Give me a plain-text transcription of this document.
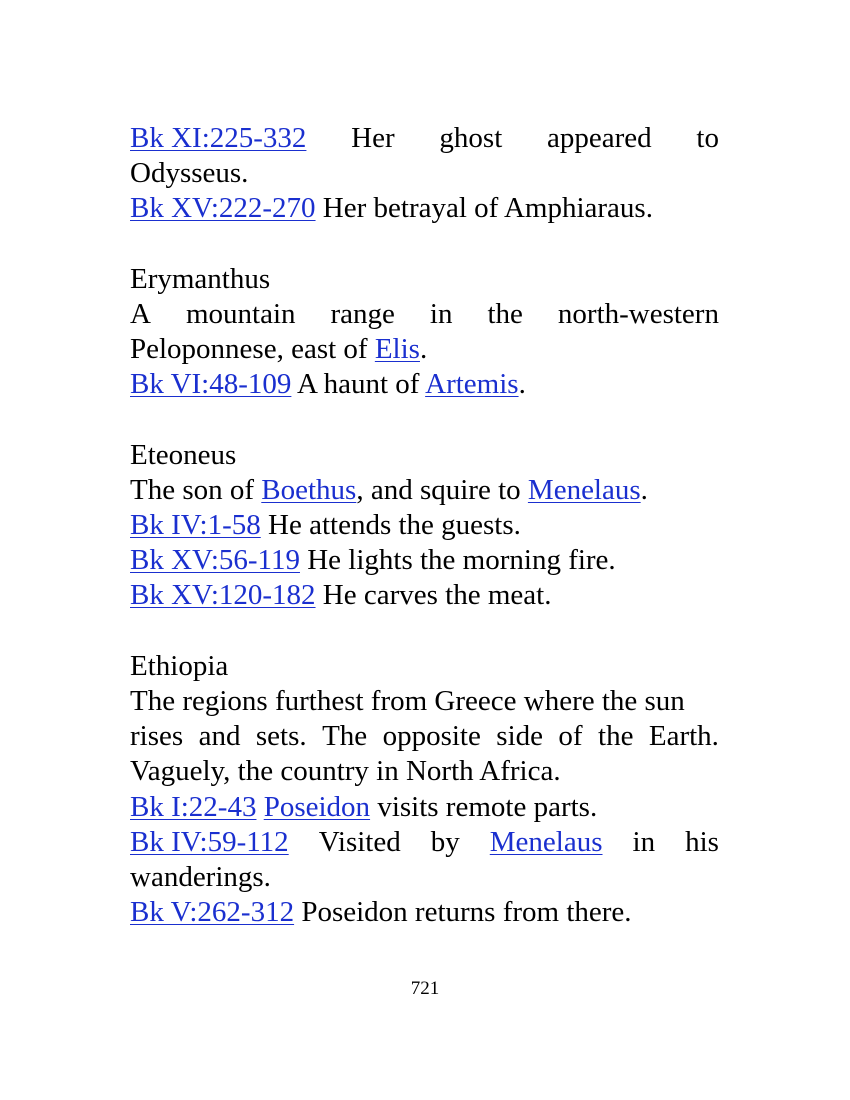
Bk XI:225-332 Her ghost appeared to
Odysseus.
Bk XV:222-270 Her betrayal of Amphiaraus.
Erymanthus
A mountain range in the north-western
Peloponnese, east of Elis.
Bk VI:48-109 A haunt of Artemis.
Eteoneus
The son of Boethus, and squire to Menelaus.
Bk IV:1-58 He attends the guests.
Bk XV:56-119 He lights the morning fire.
Bk XV:120-182 He carves the meat.
Ethiopia
The regions furthest from Greece where the sun
rises and sets. The opposite side of the Earth.
Vaguely, the country in North Africa.
Bk I:22-43 Poseidon visits remote parts.
Bk IV:59-112 Visited by Menelaus in his
wanderings.
Bk V:262-312 Poseidon returns from there.
721
